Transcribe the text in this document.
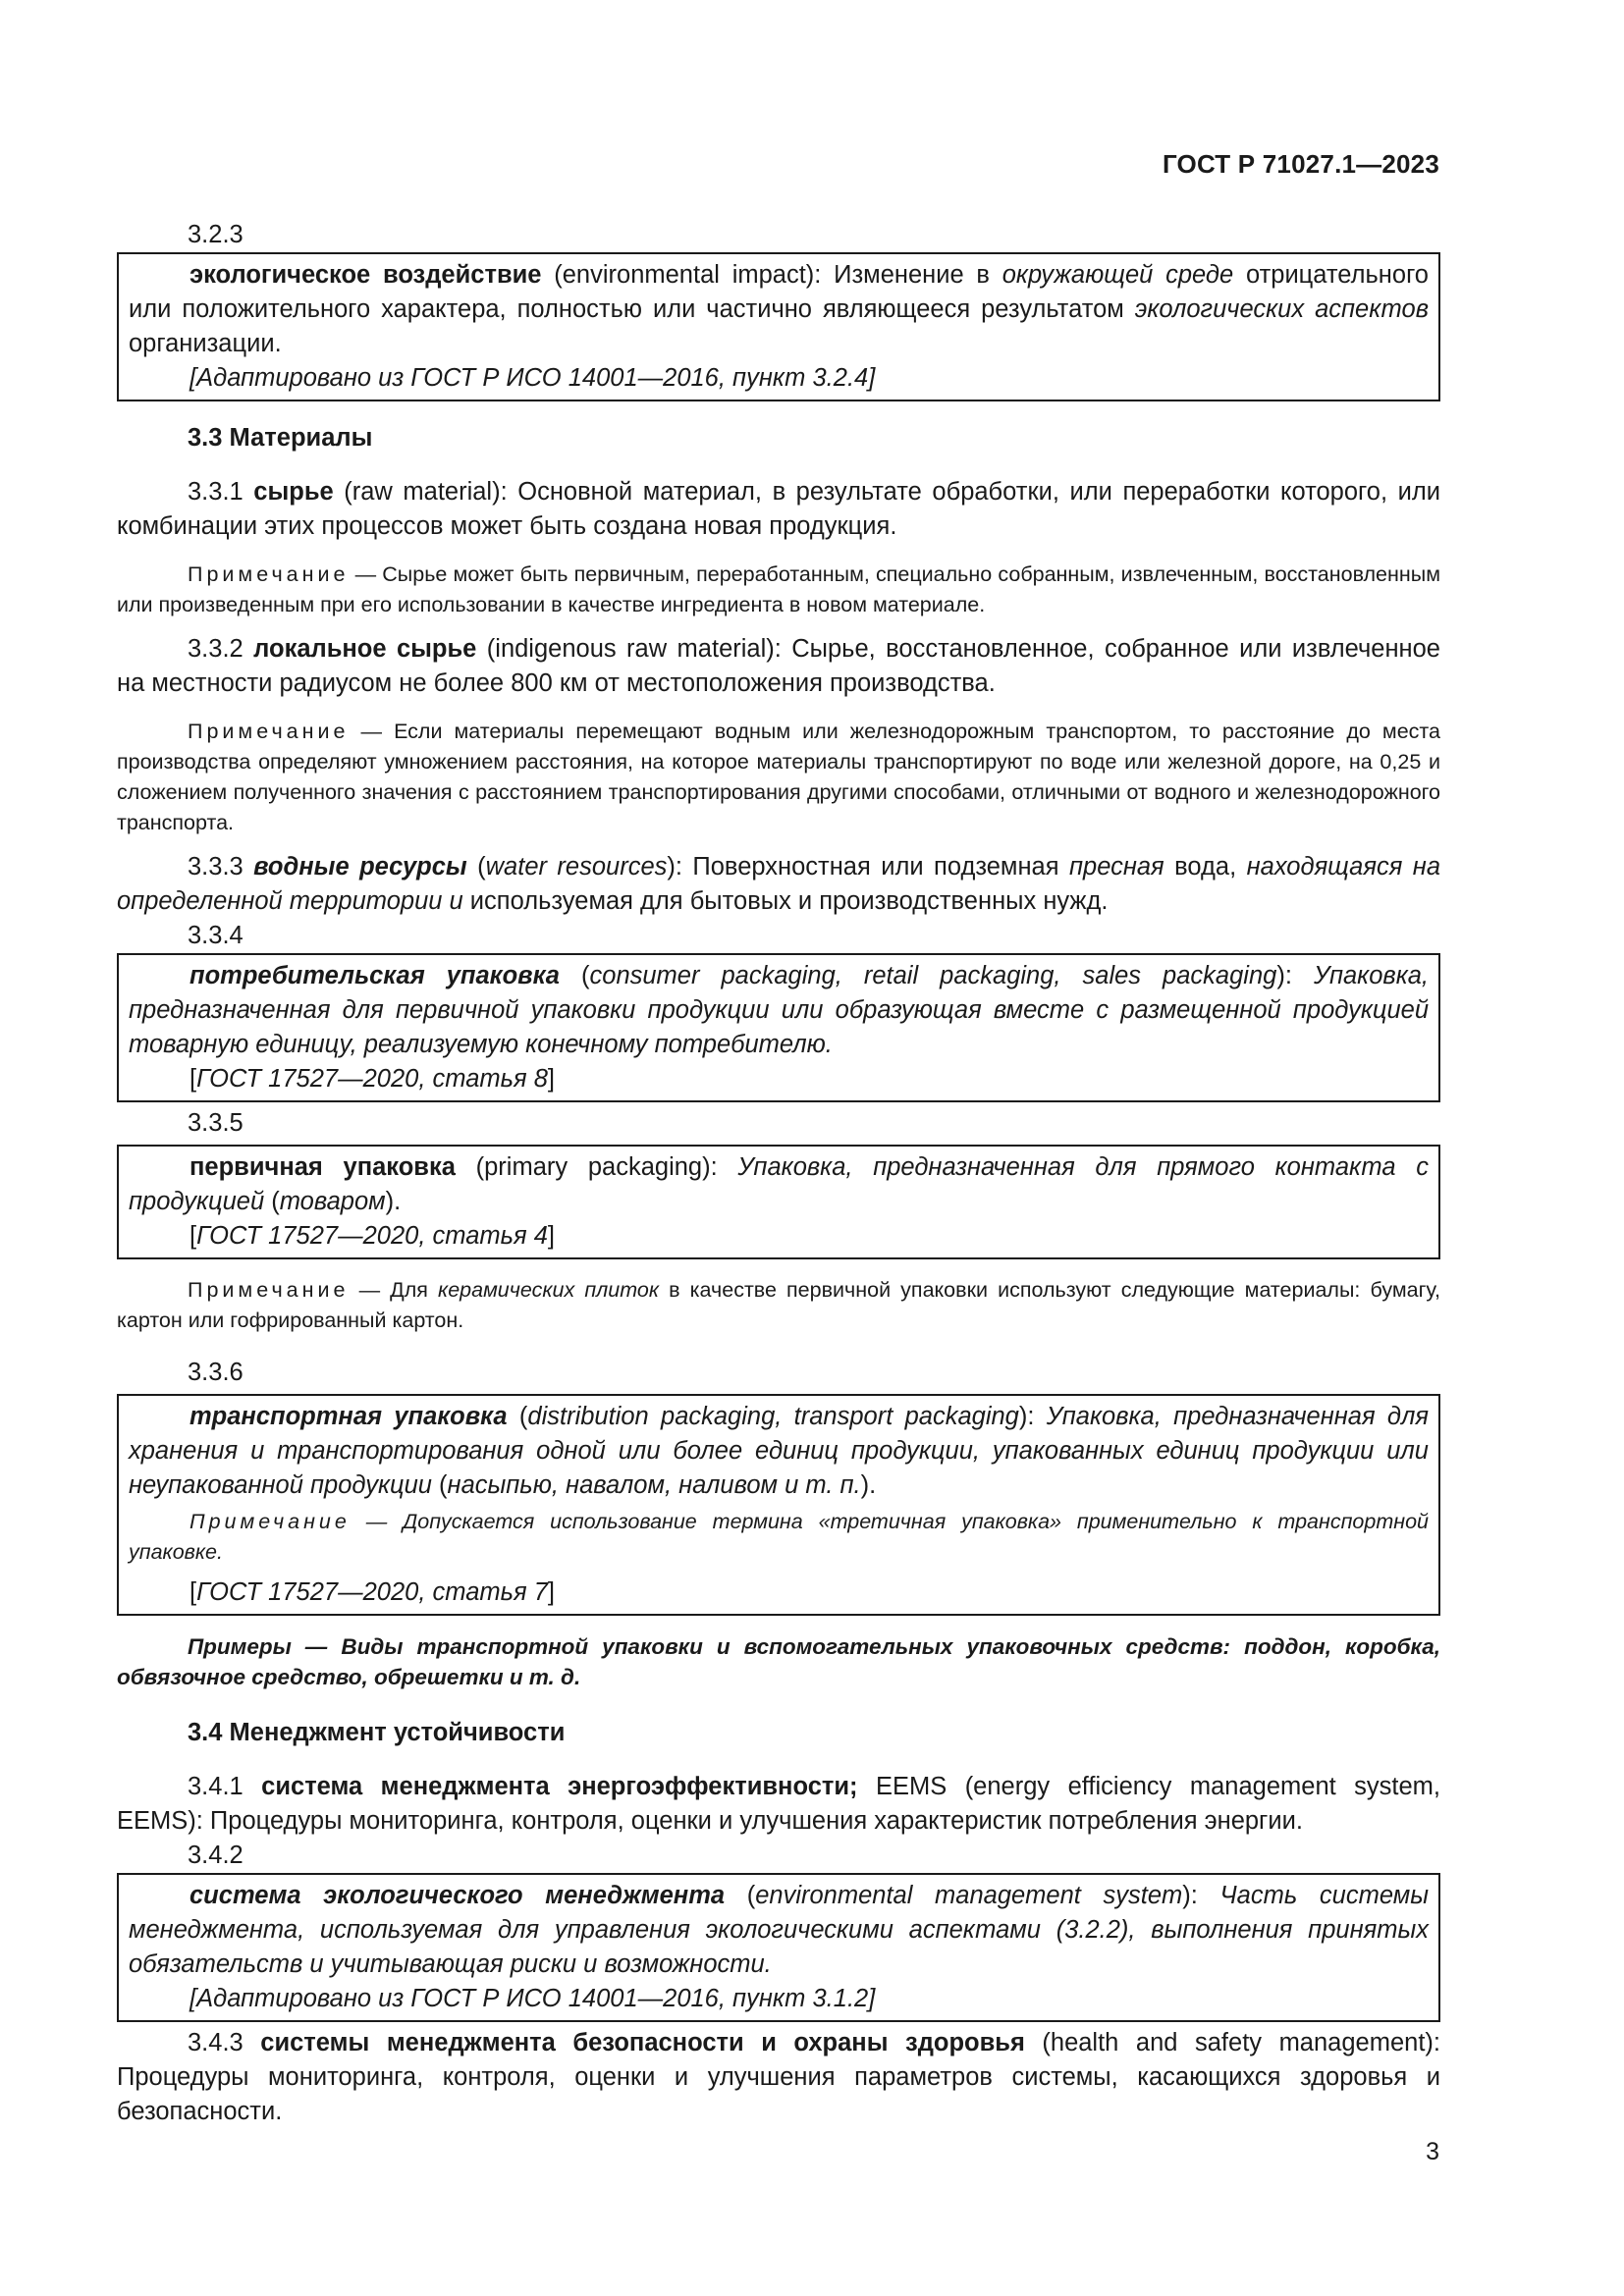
ГОСТ Р 71027.1—2023

3.2.3

экологическое воздействие (environmental impact): Изменение в окружающей среде отрицательного или положительного характера, полностью или частично являющееся результатом экологических аспектов организации.

[Адаптировано из ГОСТ Р ИСО 14001—2016, пункт 3.2.4]

3.3 Материалы

3.3.1 сырье (raw material): Основной материал, в результате обработки, или переработки которого, или комбинации этих процессов может быть создана новая продукция.

Примечание — Сырье может быть первичным, переработанным, специально собранным, извлеченным, восстановленным или произведенным при его использовании в качестве ингредиента в новом материале.

3.3.2 локальное сырье (indigenous raw material): Сырье, восстановленное, собранное или извлеченное на местности радиусом не более 800 км от местоположения производства.

Примечание — Если материалы перемещают водным или железнодорожным транспортом, то расстояние до места производства определяют умножением расстояния, на которое материалы транспортируют по воде или железной дороге, на 0,25 и сложением полученного значения с расстоянием транспортирования другими способами, отличными от водного и железнодорожного транспорта.

3.3.3 водные ресурсы (water resources): Поверхностная или подземная пресная вода, находящаяся на определенной территории и используемая для бытовых и производственных нужд.

3.3.4

потребительская упаковка (consumer packaging, retail packaging, sales packaging): Упаковка, предназначенная для первичной упаковки продукции или образующая вместе с размещенной продукцией товарную единицу, реализуемую конечному потребителю.

[ГОСТ 17527—2020, статья 8]

3.3.5

первичная упаковка (primary packaging): Упаковка, предназначенная для прямого контакта с продукцией (товаром).

[ГОСТ 17527—2020, статья 4]

Примечание — Для керамических плиток в качестве первичной упаковки используют следующие материалы: бумагу, картон или гофрированный картон.

3.3.6

транспортная упаковка (distribution packaging, transport packaging): Упаковка, предназначенная для хранения и транспортирования одной или более единиц продукции, упакованных единиц продукции или неупакованной продукции (насыпью, навалом, наливом и т. п.).

Примечание — Допускается использование термина «третичная упаковка» применительно к транспортной упаковке.

[ГОСТ 17527—2020, статья 7]

Примеры — Виды транспортной упаковки и вспомогательных упаковочных средств: поддон, коробка, обвязочное средство, обрешетки и т. д.

3.4 Менеджмент устойчивости

3.4.1 система менеджмента энергоэффективности; EEMS (energy efficiency management system, EEMS): Процедуры мониторинга, контроля, оценки и улучшения характеристик потребления энергии.

3.4.2

система экологического менеджмента (environmental management system): Часть системы менеджмента, используемая для управления экологическими аспектами (3.2.2), выполнения принятых обязательств и учитывающая риски и возможности.

[Адаптировано из ГОСТ Р ИСО 14001—2016, пункт 3.1.2]

3.4.3 системы менеджмента безопасности и охраны здоровья (health and safety management): Процедуры мониторинга, контроля, оценки и улучшения параметров системы, касающихся здоровья и безопасности.

3
